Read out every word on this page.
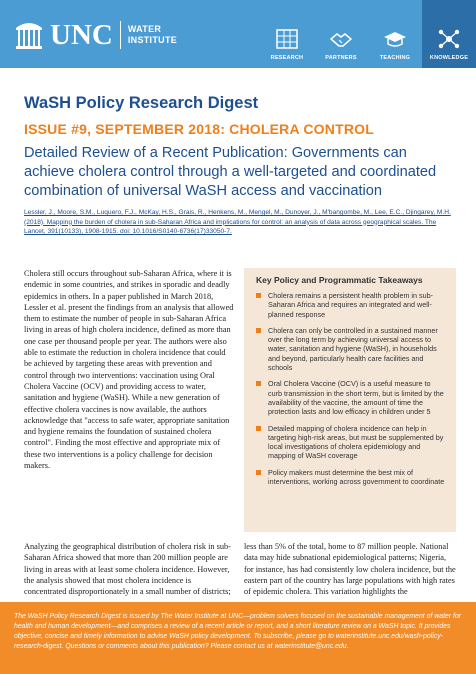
UNC WATER
INSTITUTE
RESEARCH	PARTNERS	TEACHING	KNOWLEDGE
WaSH Policy Research Digest
ISSUE #9, SEPTEMBER 2018: CHOLERA CONTROL
Detailed Review of a Recent Publication: Governments can achieve cholera control through a well-targeted and coordinated combination of universal WaSH access and vaccination
Lessler, J., Moore, S.M., Luquero, F.J., McKay, H.S., Grais, R., Henkens, M., Mengel, M., Dunoyer, J., M'bangombe, M., Lee, E.C., Djingarey, M.H. (2018). Mapping the burden of cholera in sub-Saharan Africa and implications for control: an analysis of data across geographical scales. The Lancet, 391(10133), 1908-1915. doi: 10.1016/S0140-6736(17)33050-7.
Cholera still occurs throughout sub-Saharan Africa, where it is endemic in some countries, and strikes in sporadic and deadly epidemics in others. In a paper published in March 2018, Lessler et al. present the findings from an analysis that allowed them to estimate the number of people in sub-Saharan Africa living in areas of high cholera incidence, defined as more than one case per thousand people per year. The authors were also able to estimate the reduction in cholera incidence that could be achieved by targeting these areas with prevention and control through two interventions: vaccination using Oral Cholera Vaccine (OCV) and providing access to water, sanitation and hygiene (WaSH). While a new generation of effective cholera vaccines is now available, the authors acknowledge that "access to safe water, appropriate sanitation and hygiene remains the foundation of sustained cholera control". Finding the most effective and appropriate mix of these two interventions is a policy challenge for decision makers.
Key Policy and Programmatic Takeaways
Cholera remains a persistent health problem in sub-Saharan Africa and requires an integrated and well-planned response
Cholera can only be controlled in a sustained manner over the long term by achieving universal access to water, sanitation and hygiene (WaSH), in households and beyond, particularly health care facilities and schools
Oral Cholera Vaccine (OCV) is a useful measure to curb transmission in the short term, but is limited by the availability of the vaccine, the amount of time the protection lasts and low efficacy in children under 5
Detailed mapping of cholera incidence can help in targeting high-risk areas, but must be supplemented by local investigations of cholera epidemiology and mapping of WaSH coverage
Policy makers must determine the best mix of interventions, working across government to coordinate
Analyzing the geographical distribution of cholera risk in sub-Saharan Africa showed that more than 200 million people are living in areas with at least some cholera incidence. However, the analysis showed that most cholera incidence is concentrated disproportionately in a small number of districts;
less than 5% of the total, home to 87 million people. National data may hide subnational epidemiological patterns; Nigeria, for instance, has had consistently low cholera incidence, but the eastern part of the country has large populations with high rates of epidemic cholera. This variation highlights the
The WaSH Policy Research Digest is issued by The Water Institute at UNC—problem solvers focused on the sustainable management of water for health and human development—and comprises a review of a recent article or report, and a short literature review on a WaSH topic. It provides objective, concise and timely information to advise WaSH policy development. To subscribe, please go to waterinstitute.unc.edu/wash-policy-research-digest. Questions or comments about this publication? Please contact us at waterinstitute@unc.edu.
